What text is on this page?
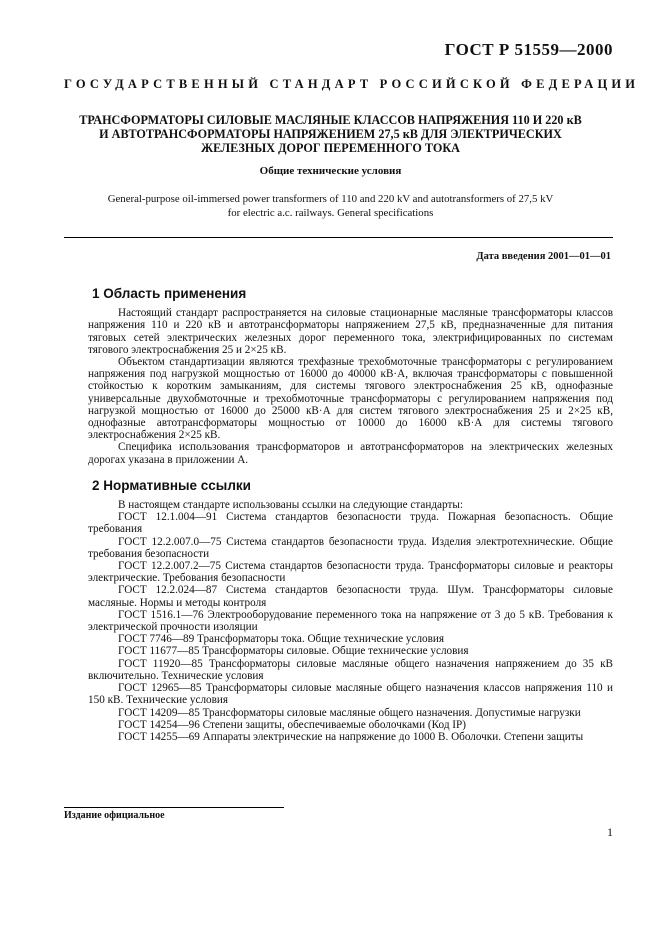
ГОСТ Р 51559—2000
ГОСУДАРСТВЕННЫЙ СТАНДАРТ РОССИЙСКОЙ ФЕДЕРАЦИИ
ТРАНСФОРМАТОРЫ СИЛОВЫЕ МАСЛЯНЫЕ КЛАССОВ НАПРЯЖЕНИЯ 110 И 220 кВ
И АВТОТРАНСФОРМАТОРЫ НАПРЯЖЕНИЕМ 27,5 кВ ДЛЯ ЭЛЕКТРИЧЕСКИХ
ЖЕЛЕЗНЫХ ДОРОГ ПЕРЕМЕННОГО ТОКА
Общие технические условия
General-purpose oil-immersed power transformers of 110 and 220 kV and autotransformers of 27,5 kV
for electric a.c. railways. General specifications
Дата введения 2001—01—01
1 Область применения

Настоящий стандарт распространяется на силовые стационарные масляные трансформаторы классов напряжения 110 и 220 кВ и автотрансформаторы напряжением 27,5 кВ, предназначенные для питания тяговых сетей электрических железных дорог переменного тока, электрифицированных по системам тягового электроснабжения 25 и 2×25 кВ.

Объектом стандартизации являются трехфазные трехобмоточные трансформаторы с регулированием напряжения под нагрузкой мощностью от 16000 до 40000 кВ·А, включая трансформаторы с повышенной стойкостью к коротким замыканиям, для системы тягового электроснабжения 25 кВ, однофазные универсальные двухобмоточные и трехобмоточные трансформаторы с регулированием напряжения под нагрузкой мощностью от 16000 до 25000 кВ·А для систем тягового электроснабжения 25 и 2×25 кВ, однофазные автотрансформаторы мощностью от 10000 до 16000 кВ·А для системы тягового электроснабжения 2×25 кВ.

Специфика использования трансформаторов и автотрансформаторов на электрических железных дорогах указана в приложении А.

2 Нормативные ссылки

В настоящем стандарте использованы ссылки на следующие стандарты:

ГОСТ 12.1.004—91 Система стандартов безопасности труда. Пожарная безопасность. Общие требования

ГОСТ 12.2.007.0—75 Система стандартов безопасности труда. Изделия электротехнические. Общие требования безопасности

ГОСТ 12.2.007.2—75 Система стандартов безопасности труда. Трансформаторы силовые и реакторы электрические. Требования безопасности

ГОСТ 12.2.024—87 Система стандартов безопасности труда. Шум. Трансформаторы силовые масляные. Нормы и методы контроля

ГОСТ 1516.1—76 Электрооборудование переменного тока на напряжение от 3 до 5 кВ. Требования к электрической прочности изоляции

ГОСТ 7746—89 Трансформаторы тока. Общие технические условия

ГОСТ 11677—85 Трансформаторы силовые. Общие технические условия

ГОСТ 11920—85 Трансформаторы силовые масляные общего назначения напряжением до 35 кВ включительно. Технические условия

ГОСТ 12965—85 Трансформаторы силовые масляные общего назначения классов напряжения 110 и 150 кВ. Технические условия

ГОСТ 14209—85 Трансформаторы силовые масляные общего назначения. Допустимые нагрузки

ГОСТ 14254—96 Степени защиты, обеспечиваемые оболочками (Код IP)

ГОСТ 14255—69 Аппараты электрические на напряжение до 1000 В. Оболочки. Степени защиты

Издание официальное
1
